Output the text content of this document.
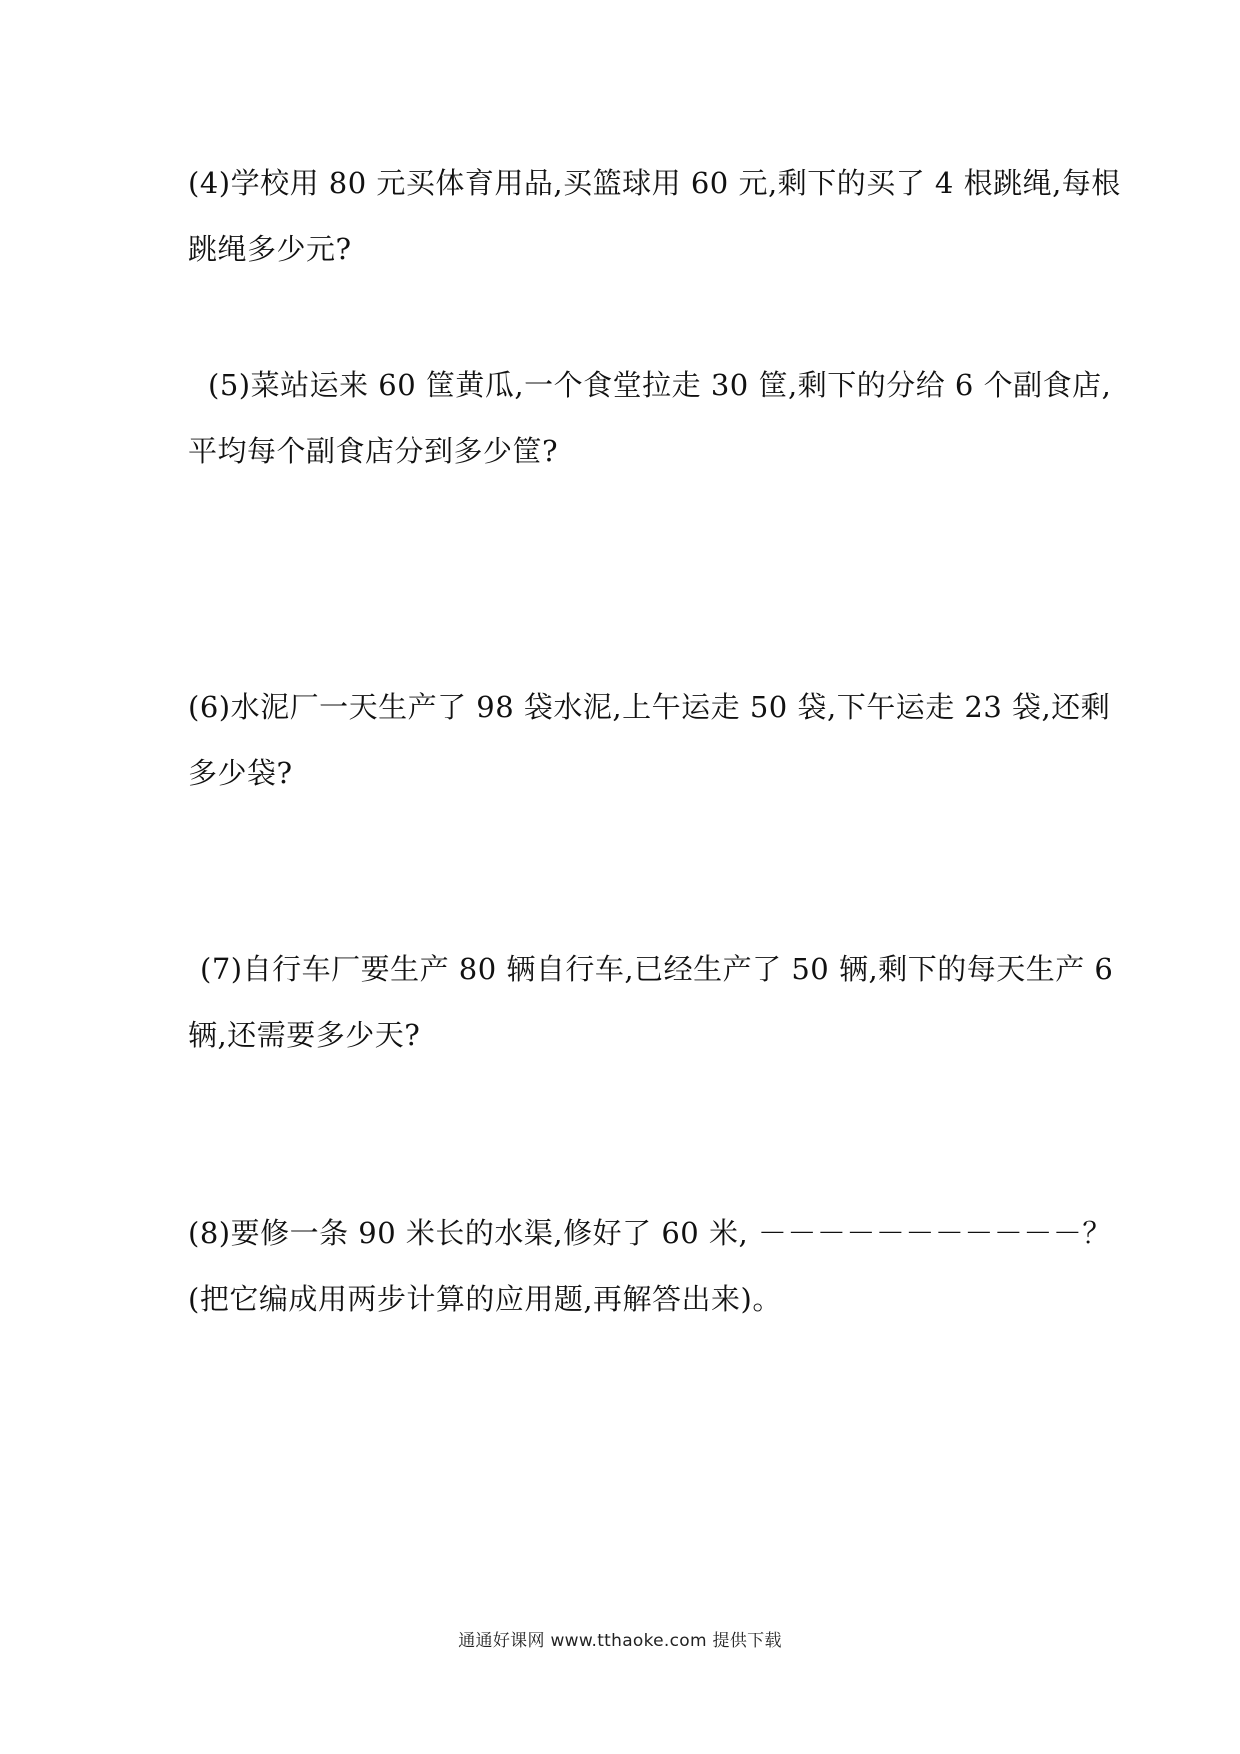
(4)学校用 80 元买体育用品,买篮球用 60 元,剩下的买了 4 根跳绳,每根
跳绳多少元?
(5)菜站运来 60 筐黄瓜,一个食堂拉走 30 筐,剩下的分给 6 个副食店,
平均每个副食店分到多少筐?
(6)水泥厂一天生产了 98 袋水泥,上午运走 50 袋,下午运走 23 袋,还剩
多少袋?
(7)自行车厂要生产 80 辆自行车,已经生产了 50 辆,剩下的每天生产 6
辆,还需要多少天?
(8)要修一条 90 米长的水渠,修好了 60 米, －－－－－－－－－－－？
(把它编成用两步计算的应用题,再解答出来)。
通通好课网 www.tthaoke.com 提供下载
